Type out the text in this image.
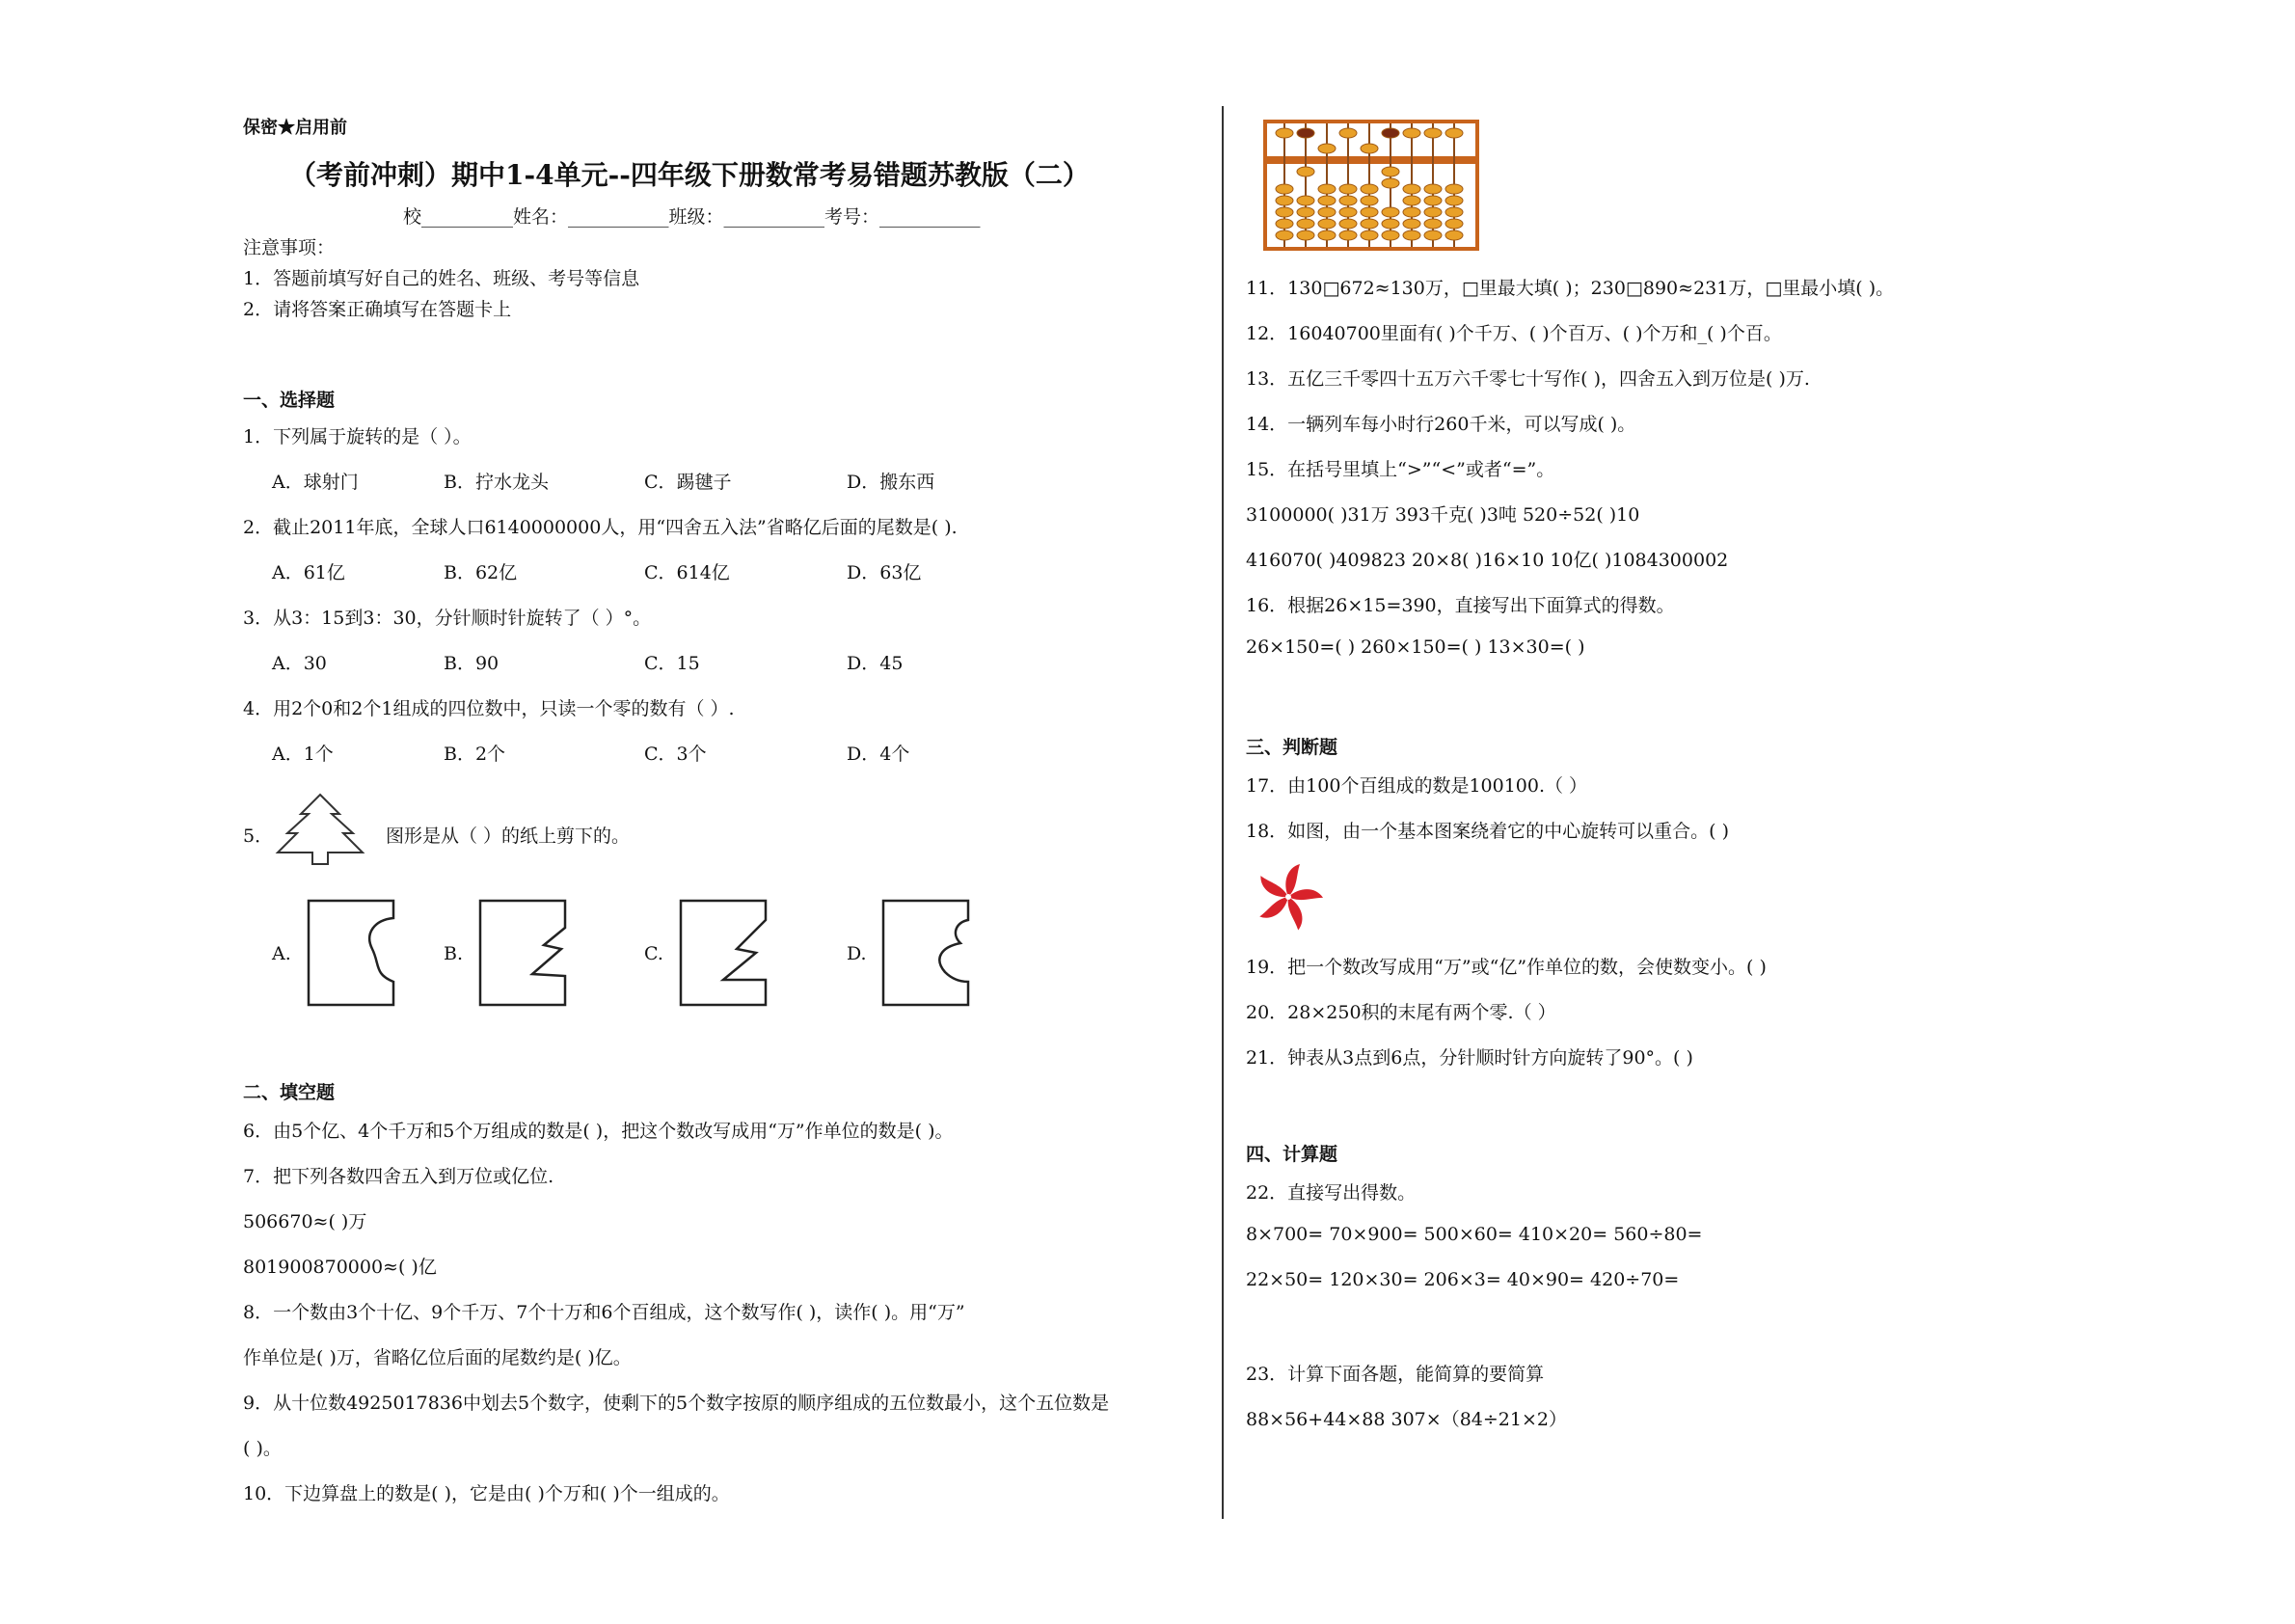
保密★启用前
（考前冲刺）期中1-4单元--四年级下册数常考易错题苏教版（二）
校__________姓名：___________班级：___________考号：___________
注意事项：
1．答题前填写好自己的姓名、班级、考号等信息
2．请将答案正确填写在答题卡上
一、选择题
1．下列属于旋转的是（ ）。
A．球射门	B．拧水龙头	C．踢毽子	D．搬东西
2．截止2011年底，全球人口6140000000人，用“四舍五入法”省略亿后面的尾数是( ).
A．61亿	B．62亿	C．614亿	D．63亿
3．从3：15到3：30，分针顺时针旋转了（ ）°。
A．30	B．90	C．15	D．45
4．用2个0和2个1组成的四位数中，只读一个零的数有（ ）.
A．1个	B．2个	C．3个	D．4个
5．	图形是从（ ）的纸上剪下的。
A.	B.	C.	D.
二、填空题
6．由5个亿、4个千万和5个万组成的数是( )，把这个数改写成用“万”作单位的数是( )。
7．把下列各数四舍五入到万位或亿位.
506670≈( )万
801900870000≈( )亿
8．一个数由3个十亿、9个千万、7个十万和6个百组成，这个数写作( )，读作( )。用“万”
作单位是( )万，省略亿位后面的尾数约是( )亿。
9．从十位数4925017836中划去5个数字，使剩下的5个数字按原的顺序组成的五位数最小，这个五位数是
( )。
10．下边算盘上的数是( )，它是由( )个万和( )个一组成的。
11．130□672≈130万，□里最大填( )；230□890≈231万，□里最小填( )。
12．16040700里面有( )个千万、( )个百万、( )个万和_( )个百。
13．五亿三千零四十五万六千零七十写作( )，四舍五入到万位是( )万.
14．一辆列车每小时行260千米，可以写成( )。
15．在括号里填上“>”“<”或者“=”。
3100000( )31万 393千克( )3吨 520÷52( )10
416070( )409823 20×8( )16×10 10亿( )1084300002
16．根据26×15=390，直接写出下面算式的得数。
26×150=( ) 260×150=( ) 13×30=( )
三、判断题
17．由100个百组成的数是100100.（ ）
18．如图，由一个基本图案绕着它的中心旋转可以重合。( )
19．把一个数改写成用“万”或“亿”作单位的数，会使数变小。( )
20．28×250积的末尾有两个零.（ ）
21．钟表从3点到6点，分针顺时针方向旋转了90°。( )
四、计算题
22．直接写出得数。
8×700= 70×900= 500×60= 410×20= 560÷80=
22×50= 120×30= 206×3= 40×90= 420÷70=
23．计算下面各题，能简算的要简算
88×56+44×88 307×（84÷21×2）
